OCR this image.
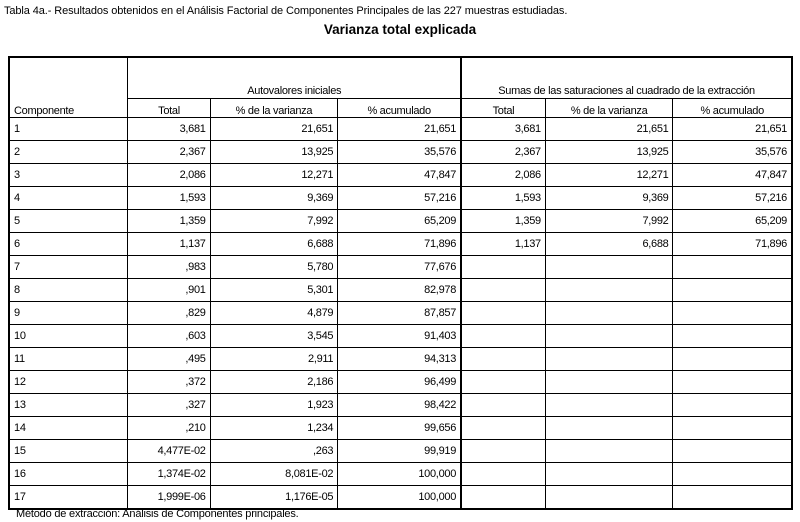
Tabla 4a.- Resultados obtenidos en el Análisis Factorial de Componentes Principales de las 227 muestras estudiadas.
Varianza total explicada
Componente	Autovalores iniciales			Sumas de las saturaciones al cuadrado de la extracción		
	Total	% de la varianza	% acumulado	Total	% de la varianza	% acumulado
1	3,681	21,651	21,651	3,681	21,651	21,651
2	2,367	13,925	35,576	2,367	13,925	35,576
3	2,086	12,271	47,847	2,086	12,271	47,847
4	1,593	9,369	57,216	1,593	9,369	57,216
5	1,359	7,992	65,209	1,359	7,992	65,209
6	1,137	6,688	71,896	1,137	6,688	71,896
7	,983	5,780	77,676			
8	,901	5,301	82,978			
9	,829	4,879	87,857			
10	,603	3,545	91,403			
11	,495	2,911	94,313			
12	,372	2,186	96,499			
13	,327	1,923	98,422			
14	,210	1,234	99,656			
15	4,477E-02	,263	99,919			
16	1,374E-02	8,081E-02	100,000			
17	1,999E-06	1,176E-05	100,000			
Método de extracción: Análisis de Componentes principales.
